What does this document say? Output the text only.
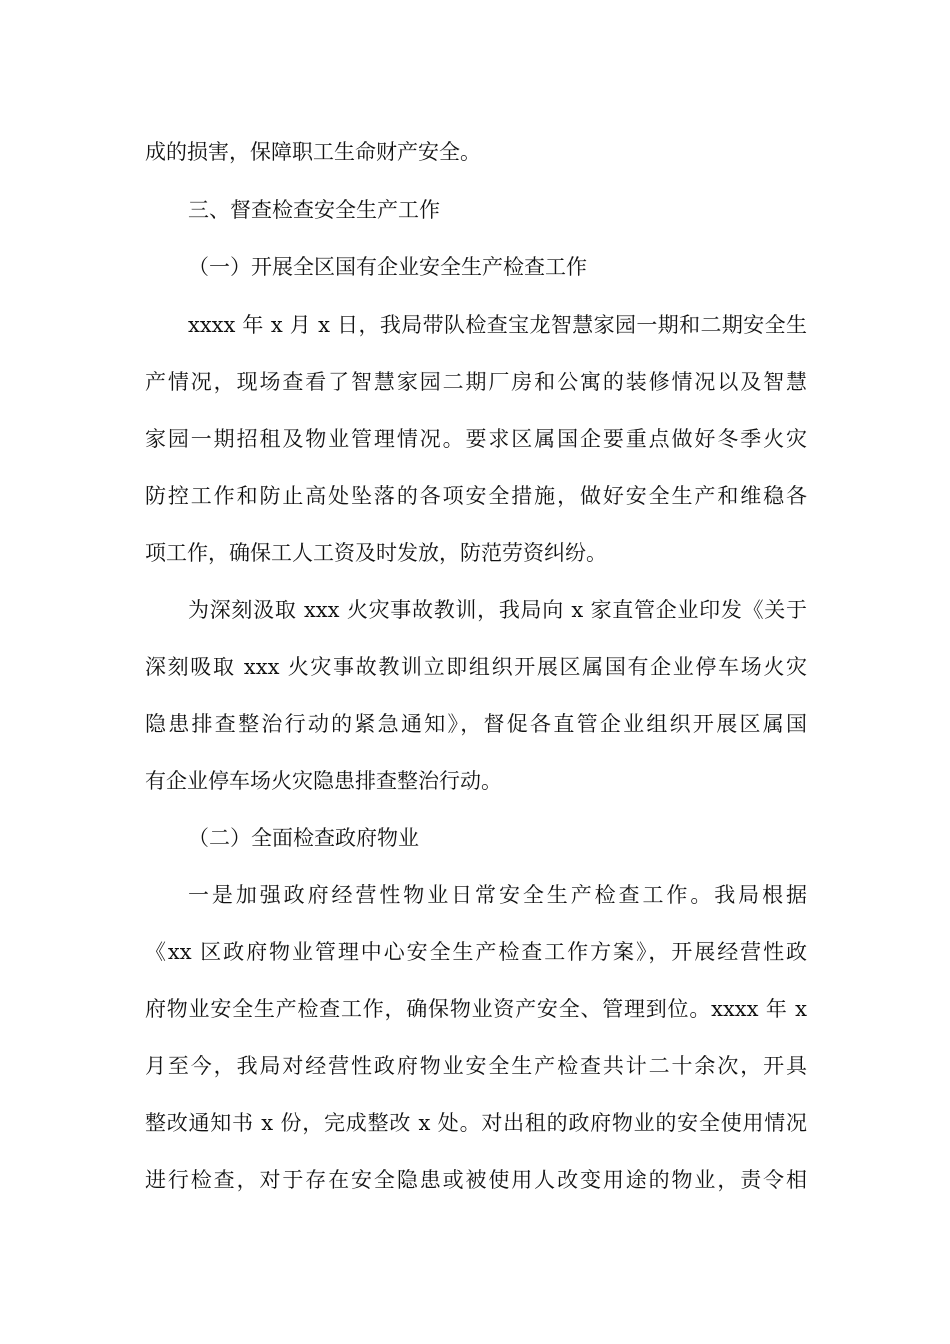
成的损害，保障职工生命财产安全。
三、督查检查安全生产工作
（一）开展全区国有企业安全生产检查工作
xxxx 年 x 月 x 日，我局带队检查宝龙智慧家园一期和二期安全生
产情况，现场查看了智慧家园二期厂房和公寓的装修情况以及智慧
家园一期招租及物业管理情况。要求区属国企要重点做好冬季火灾
防控工作和防止高处坠落的各项安全措施，做好安全生产和维稳各
项工作，确保工人工资及时发放，防范劳资纠纷。
为深刻汲取 xxx 火灾事故教训，我局向 x 家直管企业印发《关于
深刻吸取 xxx 火灾事故教训立即组织开展区属国有企业停车场火灾
隐患排查整治行动的紧急通知》，督促各直管企业组织开展区属国
有企业停车场火灾隐患排查整治行动。
（二）全面检查政府物业
一是加强政府经营性物业日常安全生产检查工作。我局根据
《xx 区政府物业管理中心安全生产检查工作方案》，开展经营性政
府物业安全生产检查工作，确保物业资产安全、管理到位。xxxx 年 x
月至今，我局对经营性政府物业安全生产检查共计二十余次，开具
整改通知书 x 份，完成整改 x 处。对出租的政府物业的安全使用情况
进行检查，对于存在安全隐患或被使用人改变用途的物业，责令相
